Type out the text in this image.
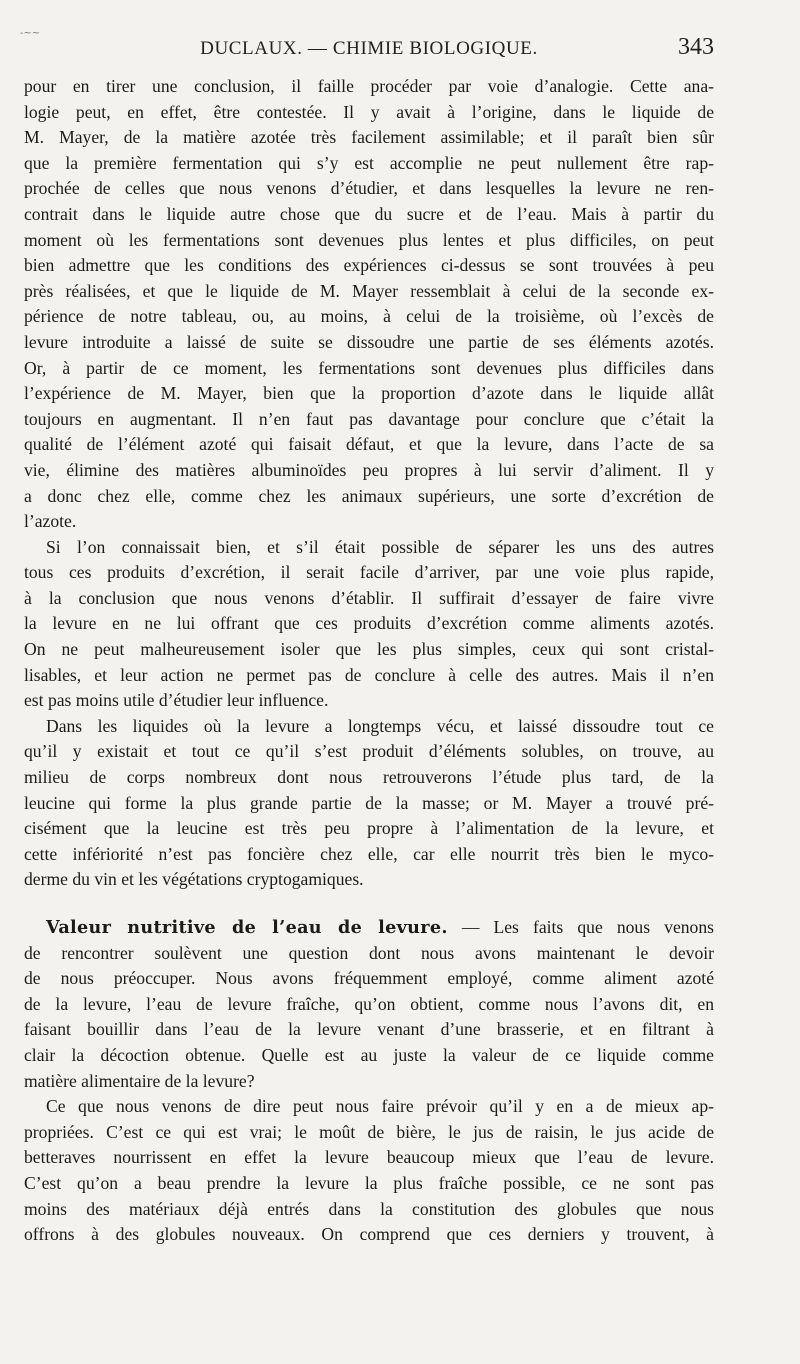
-~~
DUCLAUX. — CHIMIE BIOLOGIQUE.	343
pour en tirer une conclusion, il faille procéder par voie d’analogie. Cette ana-
logie peut, en effet, être contestée. Il y avait à l’origine, dans le liquide de
M. Mayer, de la matière azotée très facilement assimilable; et il paraît bien sûr
que la première fermentation qui s’y est accomplie ne peut nullement être rap-
prochée de celles que nous venons d’étudier, et dans lesquelles la levure ne ren-
contrait dans le liquide autre chose que du sucre et de l’eau. Mais à partir du
moment où les fermentations sont devenues plus lentes et plus difficiles, on peut
bien admettre que les conditions des expériences ci-dessus se sont trouvées à peu
près réalisées, et que le liquide de M. Mayer ressemblait à celui de la seconde ex-
périence de notre tableau, ou, au moins, à celui de la troisième, où l’excès de
levure introduite a laissé de suite se dissoudre une partie de ses éléments azotés.
Or, à partir de ce moment, les fermentations sont devenues plus difficiles dans
l’expérience de M. Mayer, bien que la proportion d’azote dans le liquide allât
toujours en augmentant. Il n’en faut pas davantage pour conclure que c’était la
qualité de l’élément azoté qui faisait défaut, et que la levure, dans l’acte de sa
vie, élimine des matières albuminoïdes peu propres à lui servir d’aliment. Il y
a donc chez elle, comme chez les animaux supérieurs, une sorte d’excrétion de
l’azote.
Si l’on connaissait bien, et s’il était possible de séparer les uns des autres
tous ces produits d’excrétion, il serait facile d’arriver, par une voie plus rapide,
à la conclusion que nous venons d’établir. Il suffirait d’essayer de faire vivre
la levure en ne lui offrant que ces produits d’excrétion comme aliments azotés.
On ne peut malheureusement isoler que les plus simples, ceux qui sont cristal-
lisables, et leur action ne permet pas de conclure à celle des autres. Mais il n’en
est pas moins utile d’étudier leur influence.
Dans les liquides où la levure a longtemps vécu, et laissé dissoudre tout ce
qu’il y existait et tout ce qu’il s’est produit d’éléments solubles, on trouve, au
milieu de corps nombreux dont nous retrouverons l’étude plus tard, de la
leucine qui forme la plus grande partie de la masse; or M. Mayer a trouvé pré-
cisément que la leucine est très peu propre à l’alimentation de la levure, et
cette infériorité n’est pas foncière chez elle, car elle nourrit très bien le myco-
derme du vin et les végétations cryptogamiques.
Valeur nutritive de l’eau de levure. — Les faits que nous venons
de rencontrer soulèvent une question dont nous avons maintenant le devoir
de nous préoccuper. Nous avons fréquemment employé, comme aliment azoté
de la levure, l’eau de levure fraîche, qu’on obtient, comme nous l’avons dit, en
faisant bouillir dans l’eau de la levure venant d’une brasserie, et en filtrant à
clair la décoction obtenue. Quelle est au juste la valeur de ce liquide comme
matière alimentaire de la levure?
Ce que nous venons de dire peut nous faire prévoir qu’il y en a de mieux ap-
propriées. C’est ce qui est vrai; le moût de bière, le jus de raisin, le jus acide de
betteraves nourrissent en effet la levure beaucoup mieux que l’eau de levure.
C’est qu’on a beau prendre la levure la plus fraîche possible, ce ne sont pas
moins des matériaux déjà entrés dans la constitution des globules que nous
offrons à des globules nouveaux. On comprend que ces derniers y trouvent, à
